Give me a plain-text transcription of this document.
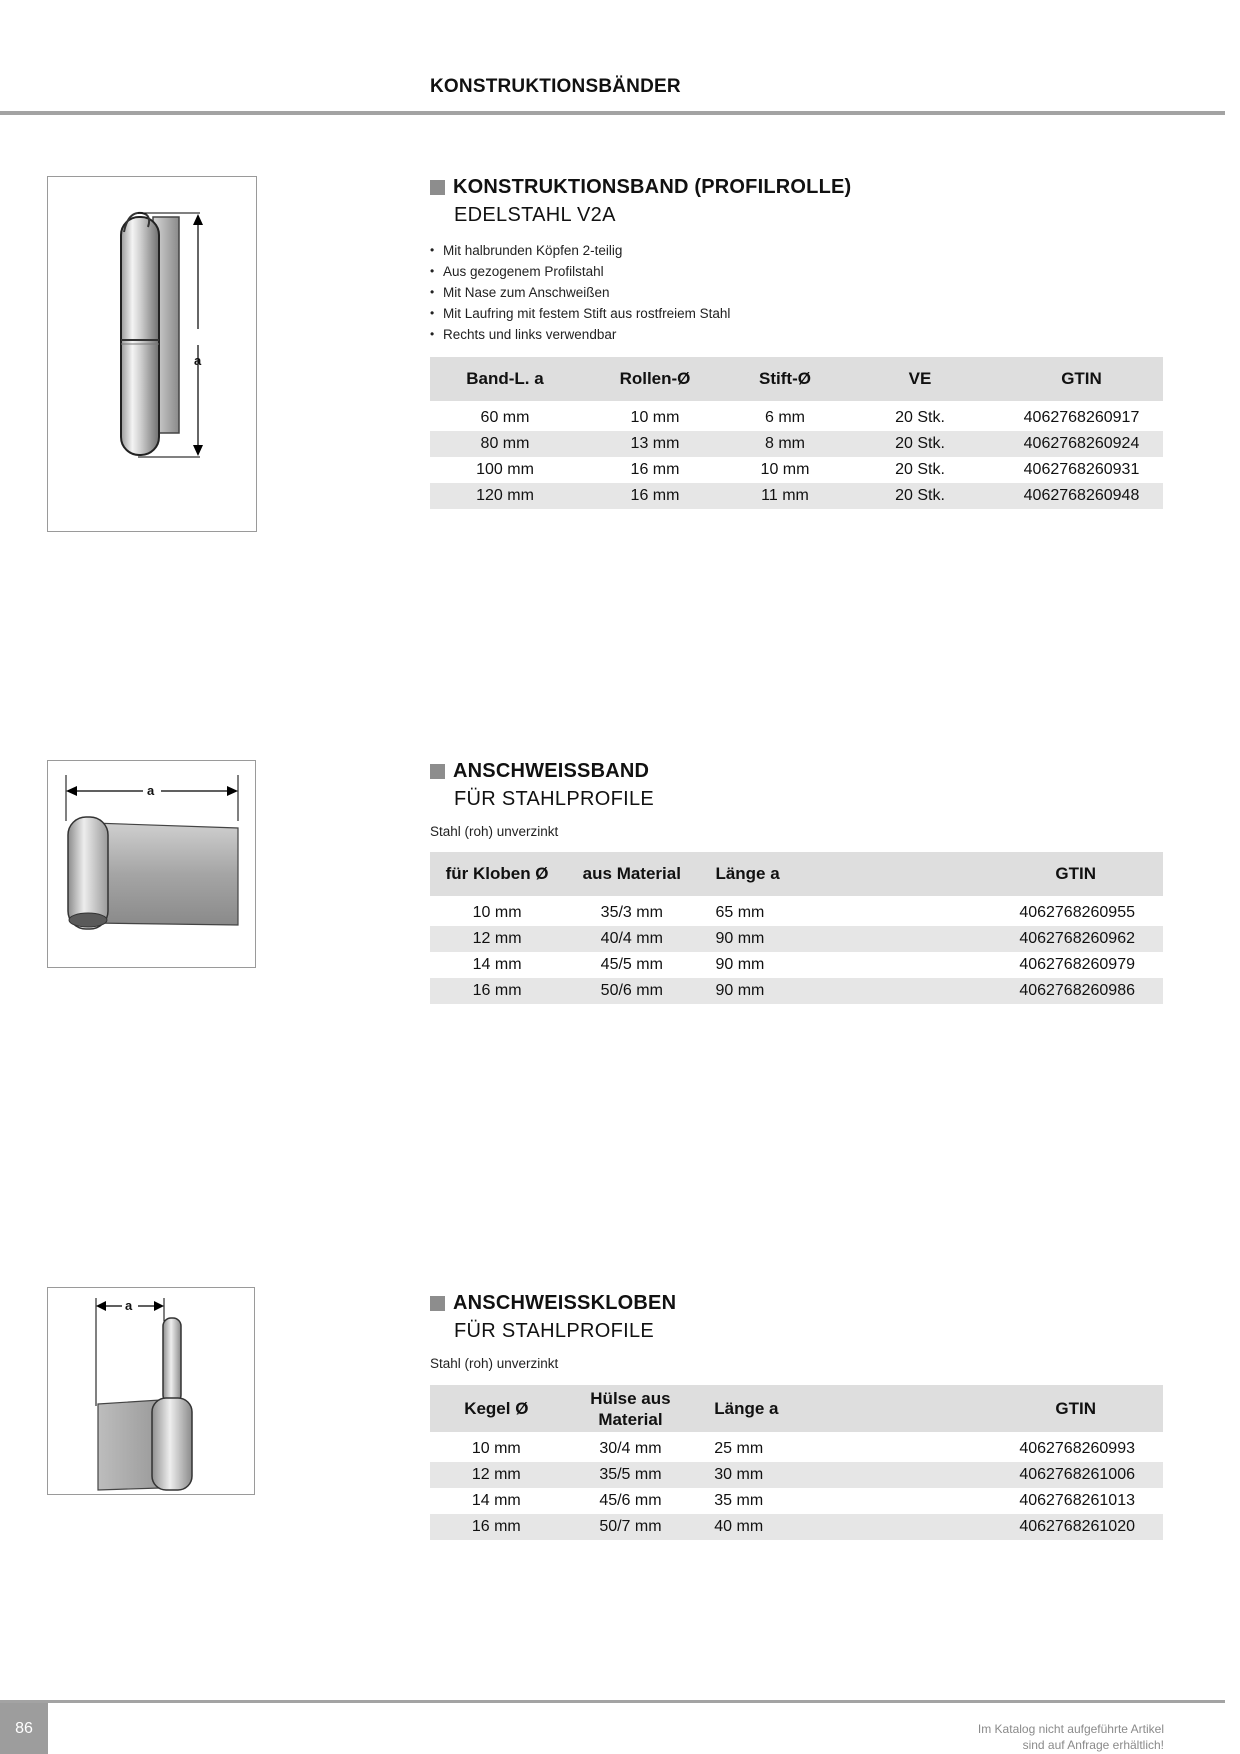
KONSTRUKTIONSBÄNDER
a
KONSTRUKTIONSBAND (PROFILROLLE)
EDELSTAHL V2A
• Mit halbrunden Köpfen 2-teilig
• Aus gezogenem Profilstahl
• Mit Nase zum Anschweißen
• Mit Laufring mit festem Stift aus rostfreiem Stahl
• Rechts und links verwendbar
Band-L. a	Rollen-Ø	Stift-Ø	VE	GTIN

60 mm	10 mm	6 mm	20 Stk.	4062768260917
80 mm	13 mm	8 mm	20 Stk.	4062768260924
100 mm	16 mm	10 mm	20 Stk.	4062768260931
120 mm	16 mm	11 mm	20 Stk.	4062768260948
a
ANSCHWEISSBAND
FÜR STAHLPROFILE
Stahl (roh) unverzinkt
für Kloben Ø	aus Material	Länge a	GTIN

10 mm	35/3 mm	65 mm	4062768260955
12 mm	40/4 mm	90 mm	4062768260962
14 mm	45/5 mm	90 mm	4062768260979
16 mm	50/6 mm	90 mm	4062768260986
a	ANSCHWEISSKLOBEN
FÜR STAHLPROFILE
Stahl (roh) unverzinkt
Kegel Ø	Hülse aus Material	Länge a	GTIN

10 mm	30/4 mm	25 mm	4062768260993
12 mm	35/5 mm	30 mm	4062768261006
14 mm	45/6 mm	35 mm	4062768261013
16 mm	50/7 mm	40 mm	4062768261020
86	Im Katalog nicht aufgeführte Artikel
sind auf Anfrage erhältlich!
